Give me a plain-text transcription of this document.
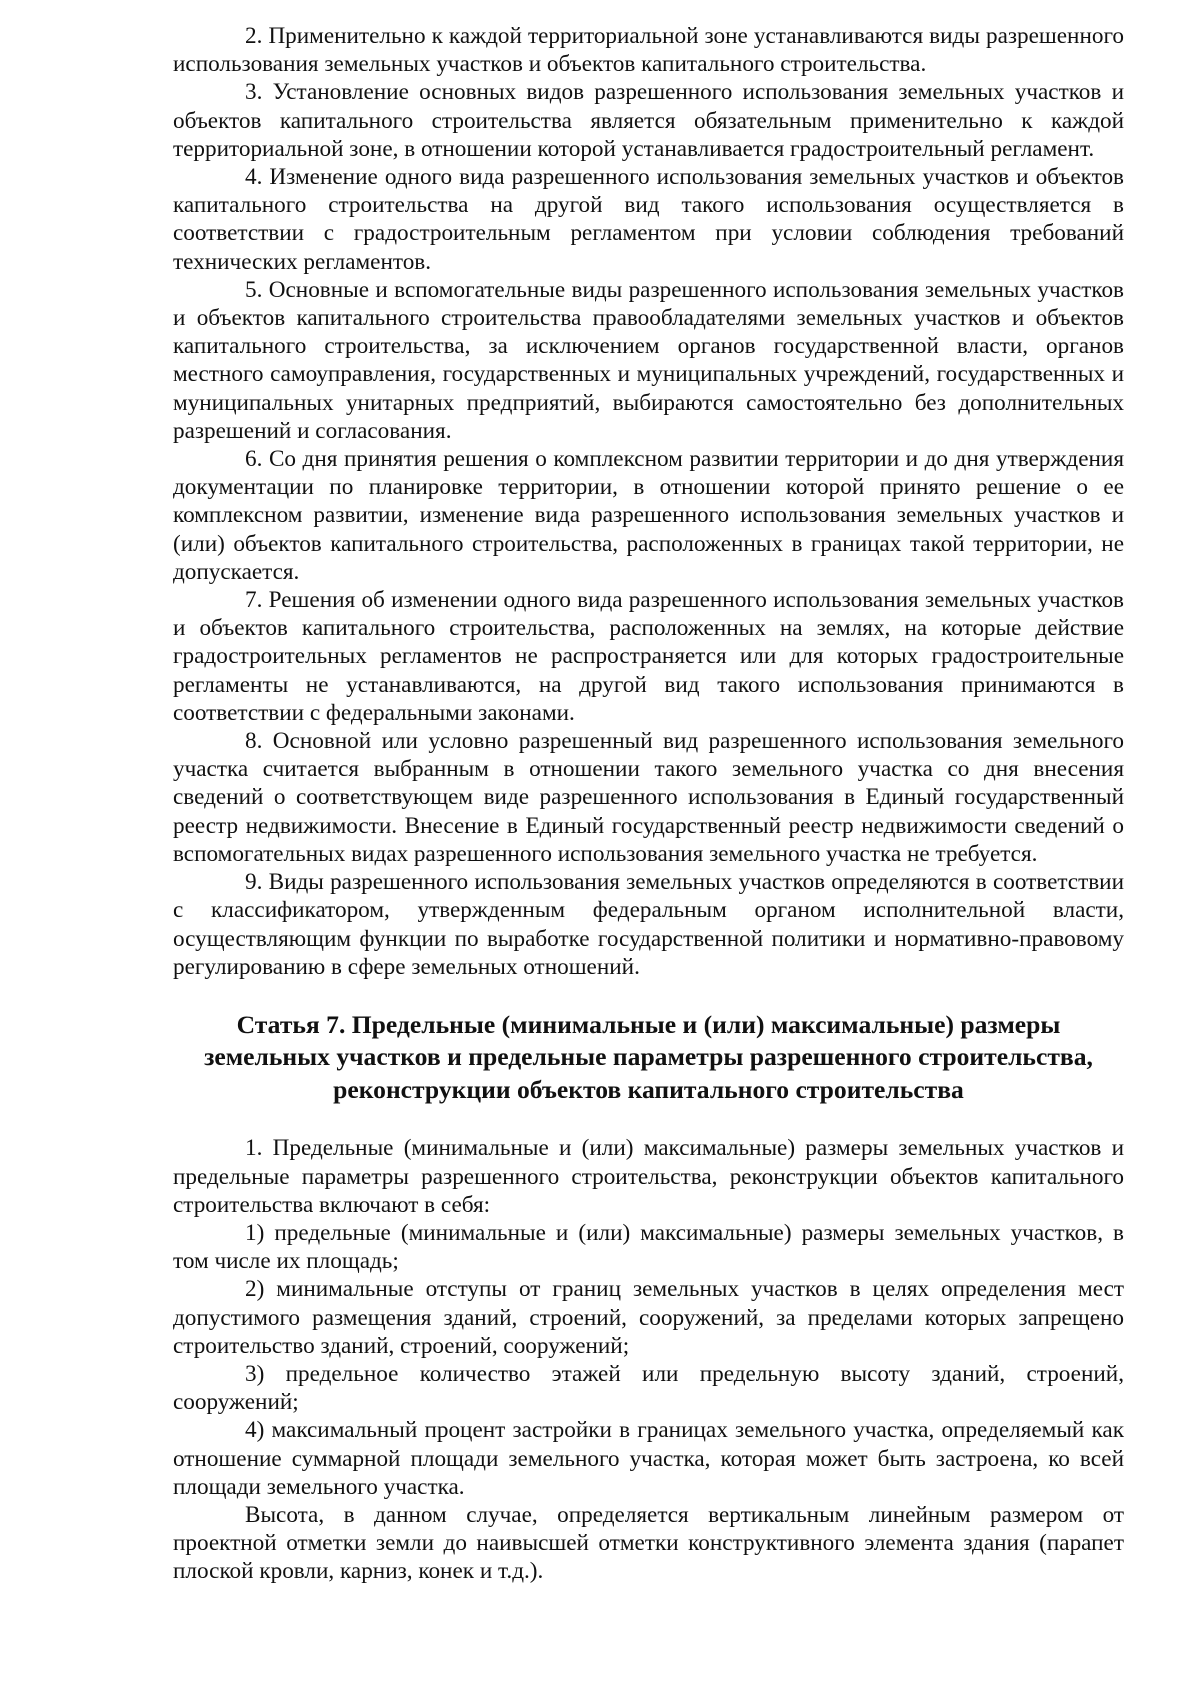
2. Применительно к каждой территориальной зоне устанавливаются виды разрешенного использования земельных участков и объектов капитального строительства.

3. Установление основных видов разрешенного использования земельных участков и объектов капитального строительства является обязательным применительно к каждой территориальной зоне, в отношении которой устанавливается градостроительный регламент.

4. Изменение одного вида разрешенного использования земельных участков и объектов капитального строительства на другой вид такого использования осуществляется в соответствии с градостроительным регламентом при условии соблюдения требований технических регламентов.

5. Основные и вспомогательные виды разрешенного использования земельных участков и объектов капитального строительства правообладателями земельных участков и объектов капитального строительства, за исключением органов государственной власти, органов местного самоуправления, государственных и муниципальных учреждений, государственных и муниципальных унитарных предприятий, выбираются самостоятельно без дополнительных разрешений и согласования.

6. Со дня принятия решения о комплексном развитии территории и до дня утверждения документации по планировке территории, в отношении которой принято решение о ее комплексном развитии, изменение вида разрешенного использования земельных участков и (или) объектов капитального строительства, расположенных в границах такой территории, не допускается.

7. Решения об изменении одного вида разрешенного использования земельных участков и объектов капитального строительства, расположенных на землях, на которые действие градостроительных регламентов не распространяется или для которых градостроительные регламенты не устанавливаются, на другой вид такого использования принимаются в соответствии с федеральными законами.

8. Основной или условно разрешенный вид разрешенного использования земельного участка считается выбранным в отношении такого земельного участка со дня внесения сведений о соответствующем виде разрешенного использования в Единый государственный реестр недвижимости. Внесение в Единый государственный реестр недвижимости сведений о вспомогательных видах разрешенного использования земельного участка не требуется.

9. Виды разрешенного использования земельных участков определяются в соответствии с классификатором, утвержденным федеральным органом исполнительной власти, осуществляющим функции по выработке государственной политики и нормативно-правовому регулированию в сфере земельных отношений.

Статья 7. Предельные (минимальные и (или) максимальные) размеры земельных участков и предельные параметры разрешенного строительства, реконструкции объектов капитального строительства

1. Предельные (минимальные и (или) максимальные) размеры земельных участков и предельные параметры разрешенного строительства, реконструкции объектов капитального строительства включают в себя:

1) предельные (минимальные и (или) максимальные) размеры земельных участков, в том числе их площадь;

2) минимальные отступы от границ земельных участков в целях определения мест допустимого размещения зданий, строений, сооружений, за пределами которых запрещено строительство зданий, строений, сооружений;

3) предельное количество этажей или предельную высоту зданий, строений, сооружений;

4) максимальный процент застройки в границах земельного участка, определяемый как отношение суммарной площади земельного участка, которая может быть застроена, ко всей площади земельного участка.

Высота, в данном случае, определяется вертикальным линейным размером от проектной отметки земли до наивысшей отметки конструктивного элемента здания (парапет плоской кровли, карниз, конек и т.д.).
